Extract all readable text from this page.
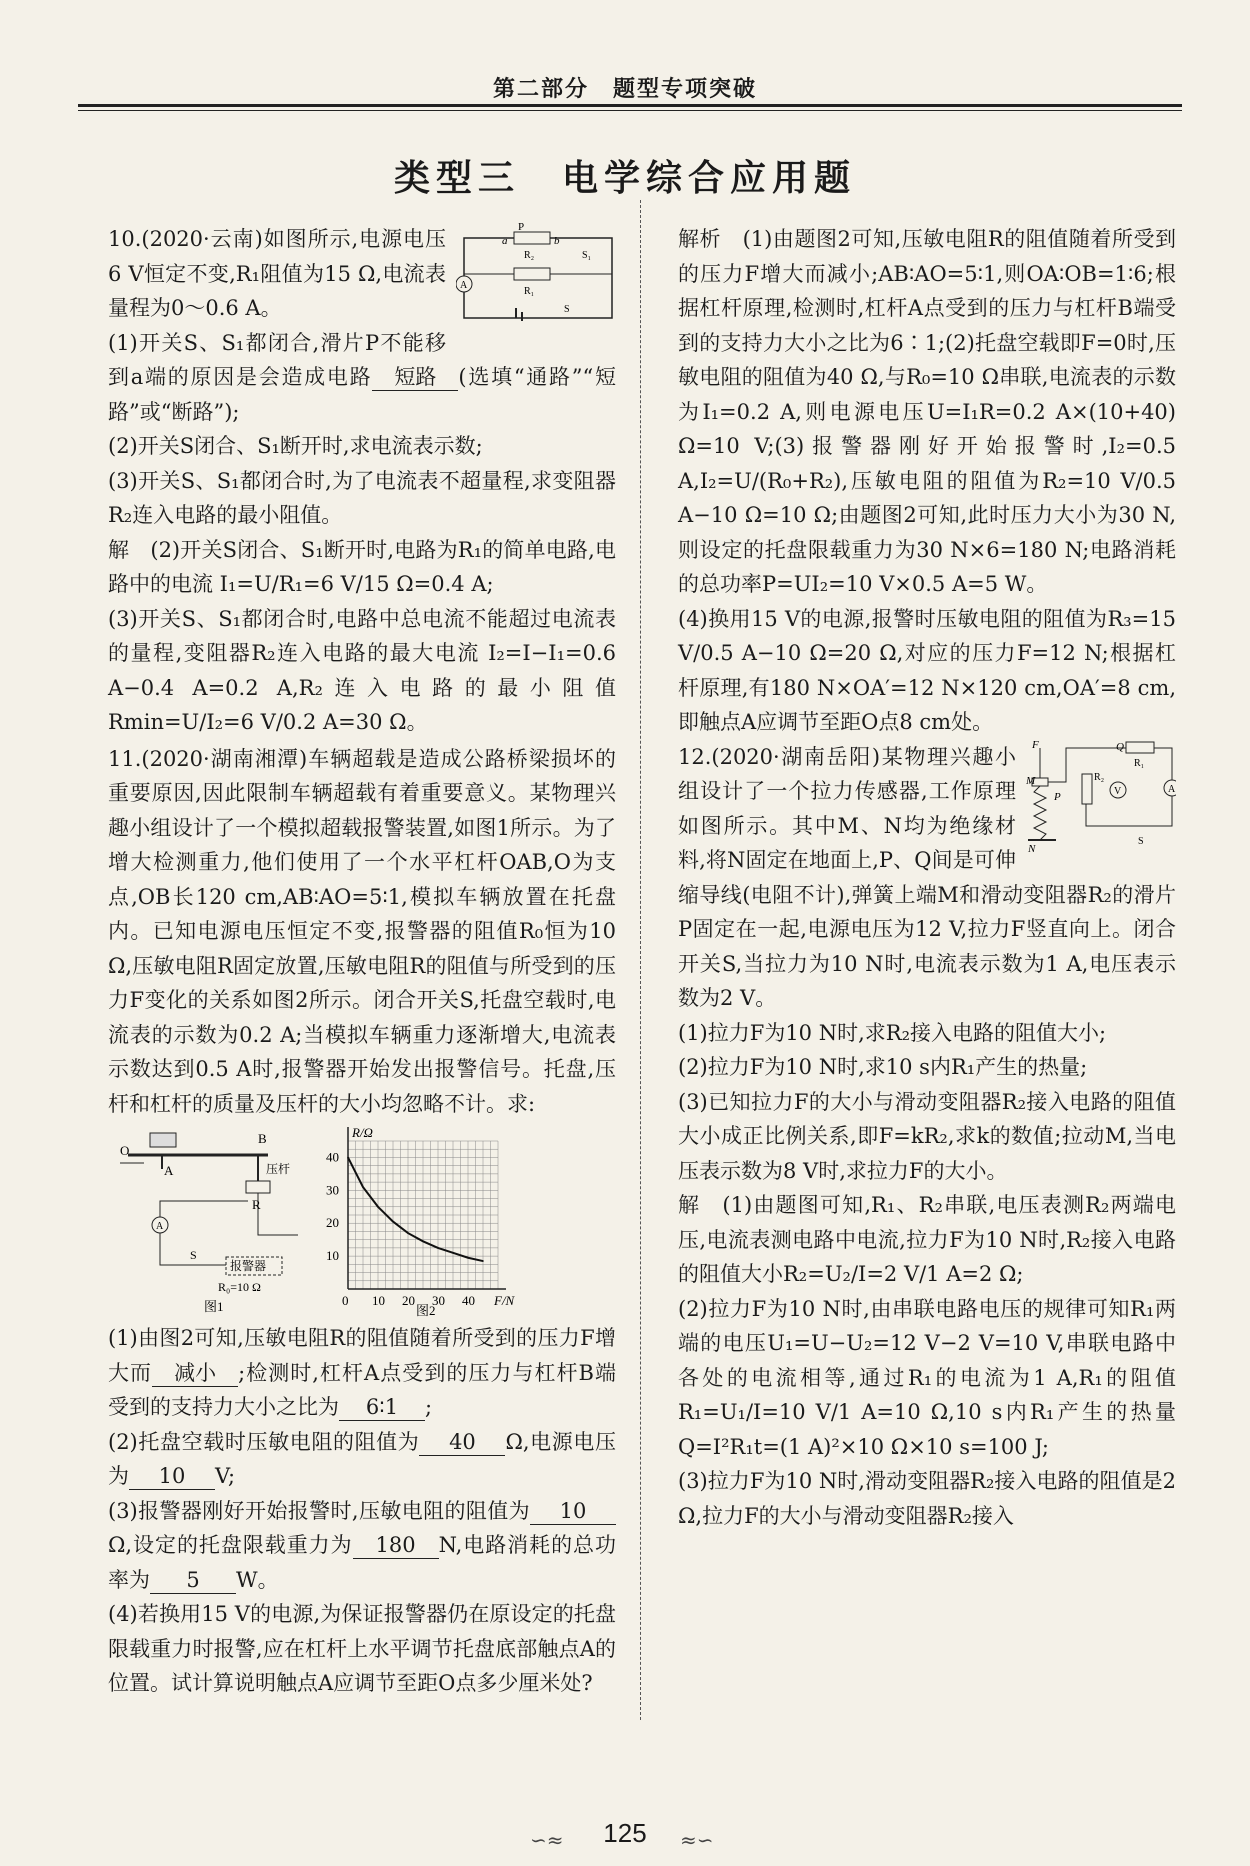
第二部分　题型专项突破
类型三　电学综合应用题
A
P
a	b
R₂
R₁
S₁
S

10.(2020·云南)如图所示,电源电压6 V恒定不变,R₁阻值为15 Ω,电流表量程为0～0.6 A。

(1)开关S、S₁都闭合,滑片P不能移到a端的原因是会造成电路 短路 (选填“通路”“短路”或“断路”);

(2)开关S闭合、S₁断开时,求电流表示数;

(3)开关S、S₁都闭合时,为了电流表不超量程,求变阻器R₂连入电路的最小阻值。

解　(2)开关S闭合、S₁断开时,电路为R₁的简单电路,电路中的电流 I₁=U/R₁=6 V/15 Ω=0.4 A;

(3)开关S、S₁都闭合时,电路中总电流不能超过电流表的量程,变阻器R₂连入电路的最大电流 I₂=I−I₁=0.6 A−0.4 A=0.2 A,R₂连入电路的最小阻值 Rmin=U/I₂=6 V/0.2 A=30 Ω。

11.(2020·湖南湘潭)车辆超载是造成公路桥梁损坏的重要原因,因此限制车辆超载有着重要意义。某物理兴趣小组设计了一个模拟超载报警装置,如图1所示。为了增大检测重力,他们使用了一个水平杠杆OAB,O为支点,OB长120 cm,AB∶AO=5∶1,模拟车辆放置在托盘内。已知电源电压恒定不变,报警器的阻值R₀恒为10 Ω,压敏电阻R固定放置,压敏电阻R的阻值与所受到的压力F变化的关系如图2所示。闭合开关S,托盘空载时,电流表的示数为0.2 A;当模拟车辆重力逐渐增大,电流表示数达到0.5 A时,报警器开始发出报警信号。托盘,压杆和杠杆的质量及压杆的大小均忽略不计。求:

B
O
A	压杆
R
A
S
报警器
R₀=10 Ω
图1	0 10 20 30 40
10
20
30
40
F/N
R/Ω
图2

(1)由图2可知,压敏电阻R的阻值随着所受到的压力F增大而 减小 ;检测时,杠杆A点受到的压力与杠杆B端受到的支持力大小之比为 6∶1 ;

(2)托盘空载时压敏电阻的阻值为 40 Ω,电源电压为 10 V;

(3)报警器刚好开始报警时,压敏电阻的阻值为 10Ω,设定的托盘限载重力为 180 N,电路消耗的总功率为 5 W。

(4)若换用15 V的电源,为保证报警器仍在原设定的托盘限载重力时报警,应在杠杆上水平调节托盘底部触点A的位置。试计算说明触点A应调节至距O点多少厘米处?

解析　(1)由题图2可知,压敏电阻R的阻值随着所受到的压力F增大而减小;AB∶AO=5∶1,则OA∶OB=1∶6;根据杠杆原理,检测时,杠杆A点受到的压力与杠杆B端受到的支持力大小之比为6∶1;(2)托盘空载即F=0时,压敏电阻的阻值为40 Ω,与R₀=10 Ω串联,电流表的示数为I₁=0.2 A,则电源电压U=I₁R=0.2 A×(10+40) Ω=10 V;(3)报警器刚好开始报警时,I₂=0.5 A,I₂=U/(R₀+R₂),压敏电阻的阻值为R₂=10 V/0.5 A−10 Ω=10 Ω;由题图2可知,此时压力大小为30 N,则设定的托盘限载重力为30 N×6=180 N;电路消耗的总功率P=UI₂=10 V×0.5 A=5 W。

(4)换用15 V的电源,报警时压敏电阻的阻值为R₃=15 V/0.5 A−10 Ω=20 Ω,对应的压力F=12 N;根据杠杆原理,有180 N×OA′=12 N×120 cm,OA′=8 cm,即触点A应调节至距O点8 cm处。

F	Q
M
P
R₂
R₁
V	A
N
S

12.(2020·湖南岳阳)某物理兴趣小组设计了一个拉力传感器,工作原理如图所示。其中M、N均为绝缘材料,将N固定在地面上,P、Q间是可伸缩导线(电阻不计),弹簧上端M和滑动变阻器R₂的滑片P固定在一起,电源电压为12 V,拉力F竖直向上。闭合开关S,当拉力为10 N时,电流表示数为1 A,电压表示数为2 V。

(1)拉力F为10 N时,求R₂接入电路的阻值大小;

(2)拉力F为10 N时,求10 s内R₁产生的热量;

(3)已知拉力F的大小与滑动变阻器R₂接入电路的阻值大小成正比例关系,即F=kR₂,求k的数值;拉动M,当电压表示数为8 V时,求拉力F的大小。

解　(1)由题图可知,R₁、R₂串联,电压表测R₂两端电压,电流表测电路中电流,拉力F为10 N时,R₂接入电路的阻值大小R₂=U₂/I=2 V/1 A=2 Ω;

(2)拉力F为10 N时,由串联电路电压的规律可知R₁两端的电压U₁=U−U₂=12 V−2 V=10 V,串联电路中各处的电流相等,通过R₁的电流为1 A,R₁的阻值R₁=U₁/I=10 V/1 A=10 Ω,10 s内R₁产生的热量Q=I²R₁t=(1 A)²×10 Ω×10 s=100 J;

(3)拉力F为10 N时,滑动变阻器R₂接入电路的阻值是2 Ω,拉力F的大小与滑动变阻器R₂接入

∽≈	125	≈∽
